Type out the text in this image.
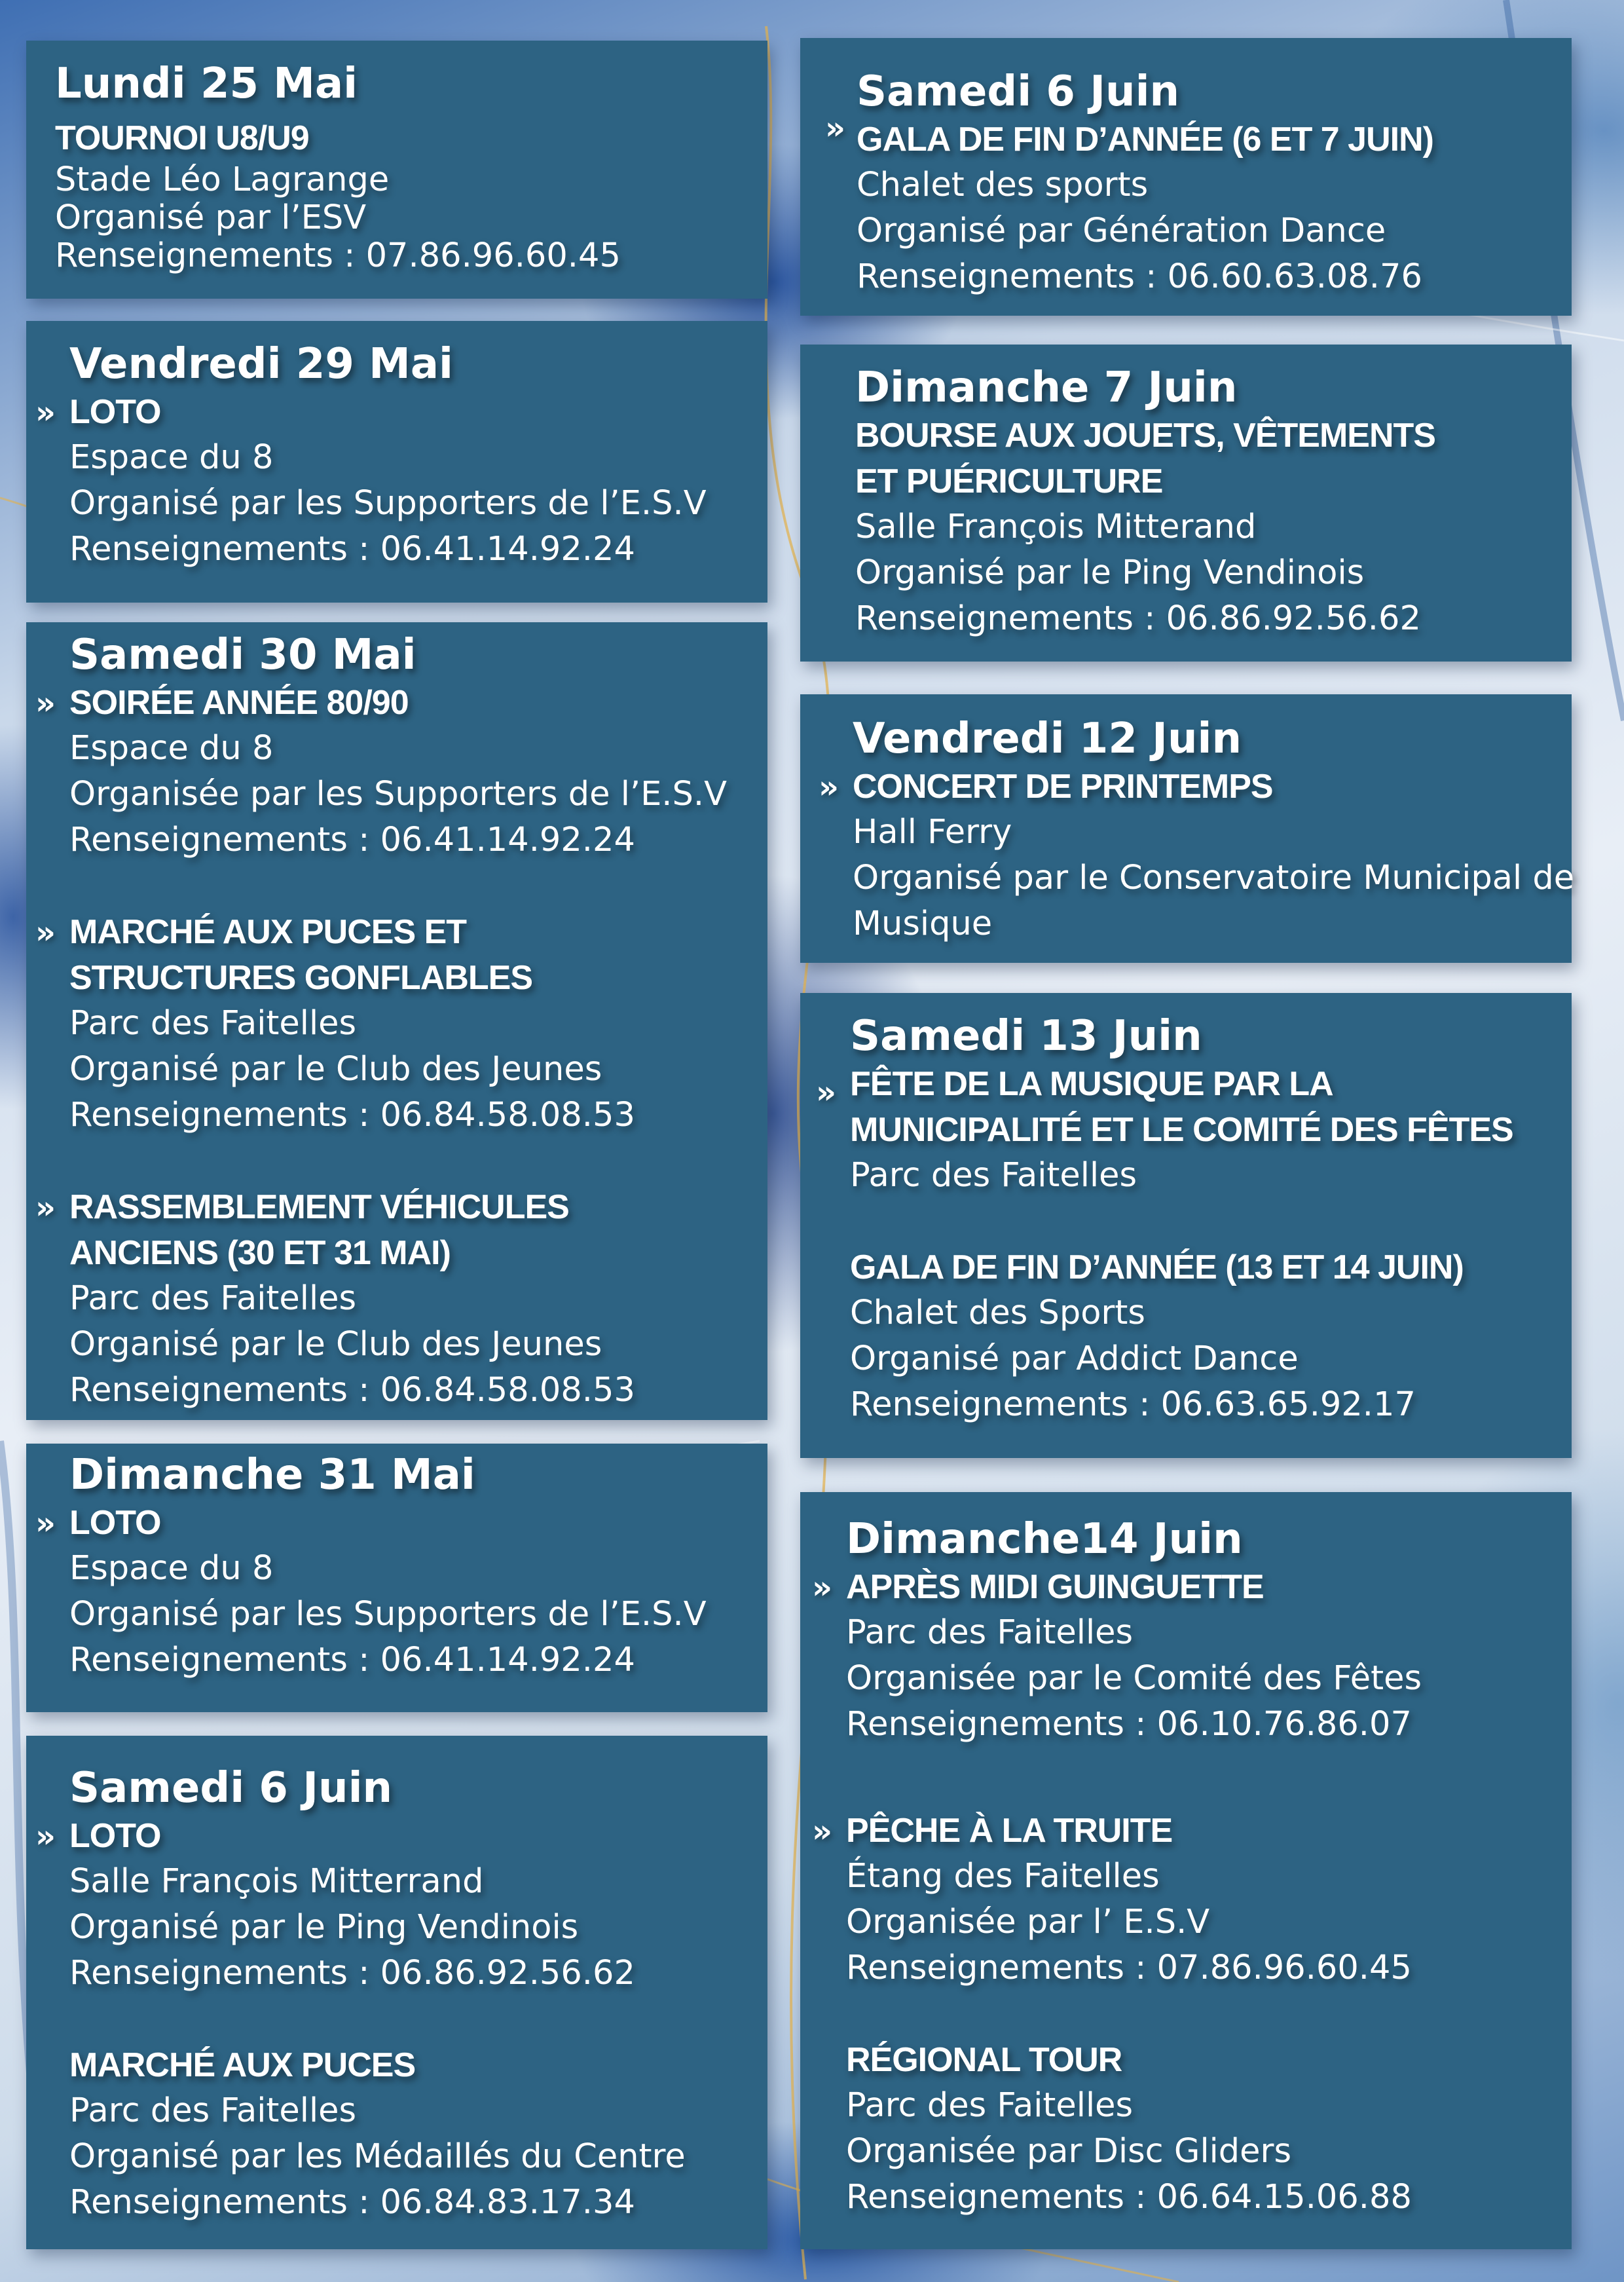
Lundi 25 Mai
TOURNOI U8/U9
Stade Léo Lagrange
Organisé par l’ESV
Renseignements : 07.86.96.60.45
Vendredi 29 Mai
» LOTO
Espace du 8
Organisé par les Supporters de l’E.S.V
Renseignements : 06.41.14.92.24
Samedi 30 Mai
» SOIRÉE ANNÉE 80/90
Espace du 8
Organisée par les Supporters de l’E.S.V
Renseignements : 06.41.14.92.24
» MARCHÉ AUX PUCES ET STRUCTURES GONFLABLES
Parc des Faitelles
Organisé par le Club des Jeunes
Renseignements : 06.84.58.08.53
» RASSEMBLEMENT VÉHICULES ANCIENS (30 ET 31 MAI)
Parc des Faitelles
Organisé par le Club des Jeunes
Renseignements : 06.84.58.08.53
Dimanche 31 Mai
» LOTO
Espace du 8
Organisé par les Supporters de l’E.S.V
Renseignements : 06.41.14.92.24
Samedi 6 Juin
» LOTO
Salle François Mitterrand
Organisé par le Ping Vendinois
Renseignements : 06.86.92.56.62
MARCHÉ AUX PUCES
Parc des Faitelles
Organisé par les Médaillés du Centre
Renseignements : 06.84.83.17.34
Samedi 6 Juin
» GALA DE FIN D’ANNÉE (6 ET 7 JUIN)
Chalet des sports
Organisé par Génération Dance
Renseignements : 06.60.63.08.76
Dimanche 7 Juin
BOURSE AUX JOUETS, VÊTEMENTS ET PUÉRICULTURE
Salle François Mitterand
Organisé par le Ping Vendinois
Renseignements : 06.86.92.56.62
Vendredi 12 Juin
» CONCERT DE PRINTEMPS
Hall Ferry
Organisé par le Conservatoire Municipal de
Musique
Samedi 13 Juin
» FÊTE DE LA MUSIQUE PAR LA MUNICIPALITÉ ET LE COMITÉ DES FÊTES
Parc des Faitelles
GALA DE FIN D’ANNÉE (13 ET 14 JUIN)
Chalet des Sports
Organisé par Addict Dance
Renseignements : 06.63.65.92.17
Dimanche14 Juin
» APRÈS MIDI GUINGUETTE
Parc des Faitelles
Organisée par le Comité des Fêtes
Renseignements : 06.10.76.86.07
» PÊCHE À LA TRUITE
Étang des Faitelles
Organisée par l’ E.S.V
Renseignements : 07.86.96.60.45
RÉGIONAL TOUR
Parc des Faitelles
Organisée par Disc Gliders
Renseignements : 06.64.15.06.88
